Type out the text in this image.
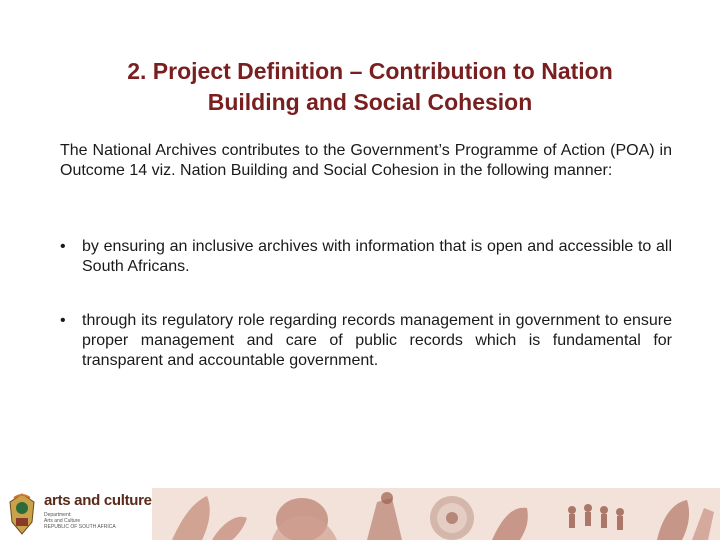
2. Project Definition – Contribution to Nation
Building and Social Cohesion
The National Archives contributes to the Government’s Programme of Action (POA) in Outcome 14 viz. Nation Building and Social Cohesion in the following manner:
• by ensuring an inclusive archives with information that is open and accessible to all South Africans.
• through its regulatory role regarding records management in government to ensure proper management and care of public records which is fundamental for transparent and accountable government.
arts and culture
Department:
Arts and Culture
REPUBLIC OF SOUTH AFRICA
